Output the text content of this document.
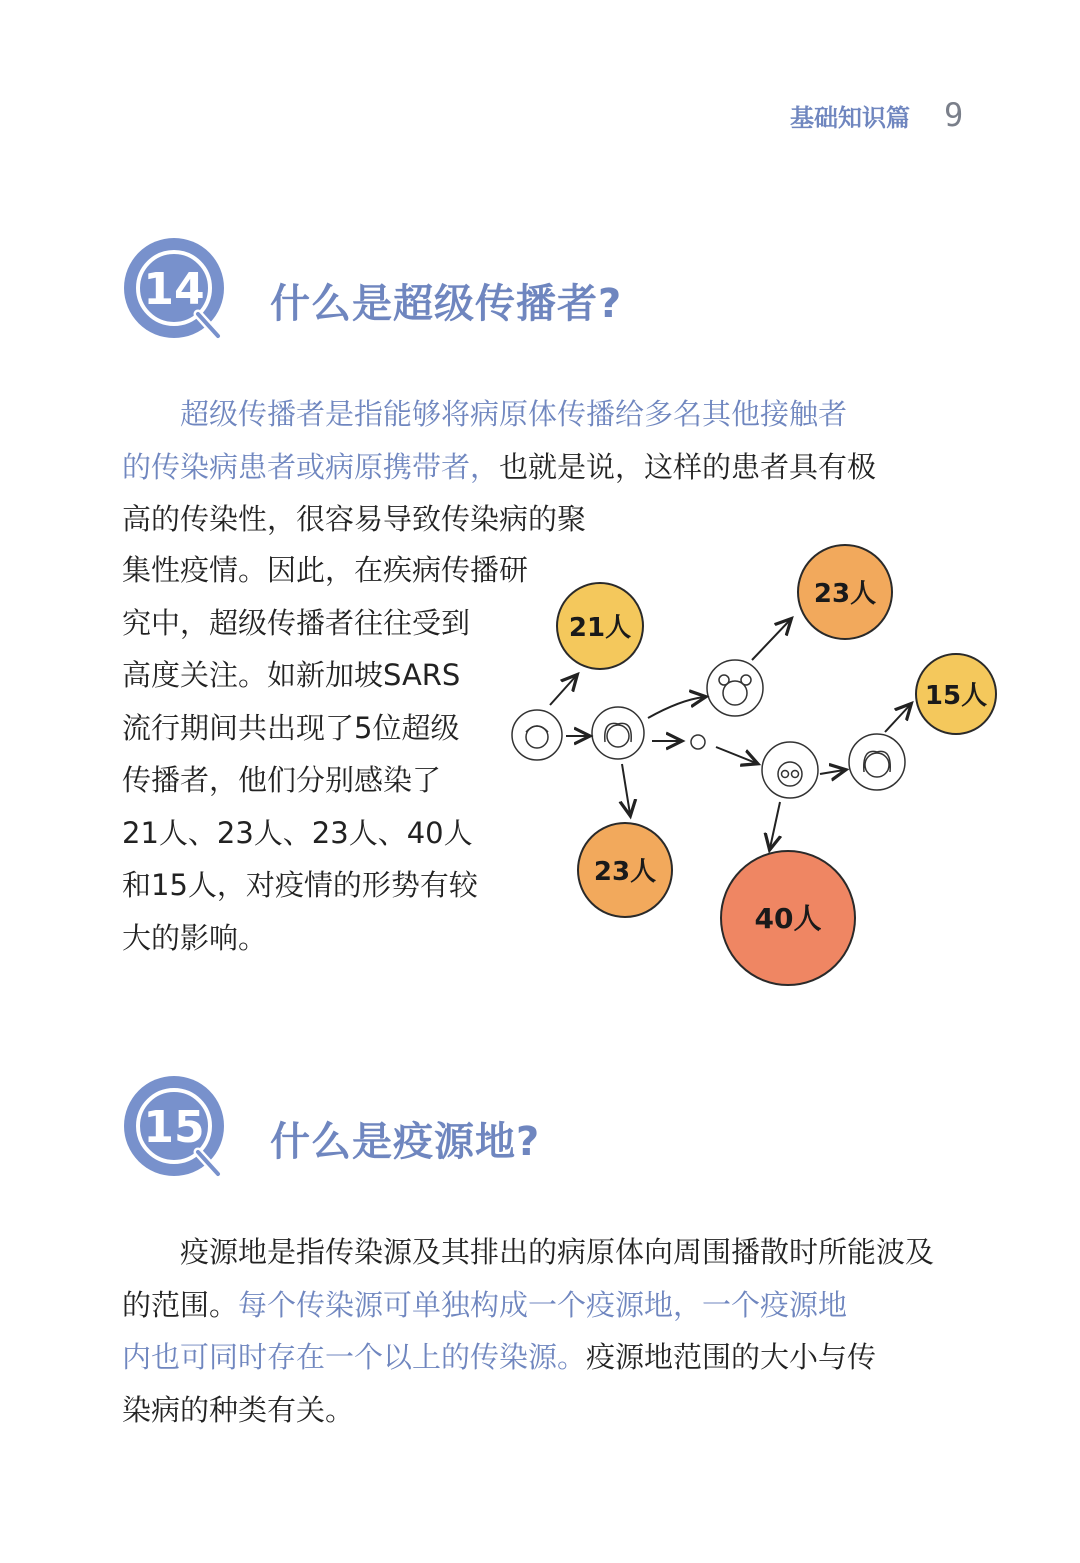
基础知识篇 9
14 什么是超级传播者?
超级传播者是指能够将病原体传播给多名其他接触者
的传染病患者或病原携带者，也就是说，这样的患者具有极
高的传染性，很容易导致传染病的聚
集性疫情。因此，在疾病传播研
究中，超级传播者往往受到
高度关注。如新加坡SARS
流行期间共出现了5位超级
传播者，他们分别感染了
21人、23人、23人、40人
和15人，对疫情的形势有较
大的影响。
21人
23人
23人
40人
15人
15 什么是疫源地?
疫源地是指传染源及其排出的病原体向周围播散时所能波及
的范围。每个传染源可单独构成一个疫源地，一个疫源地
内也可同时存在一个以上的传染源。疫源地范围的大小与传
染病的种类有关。
